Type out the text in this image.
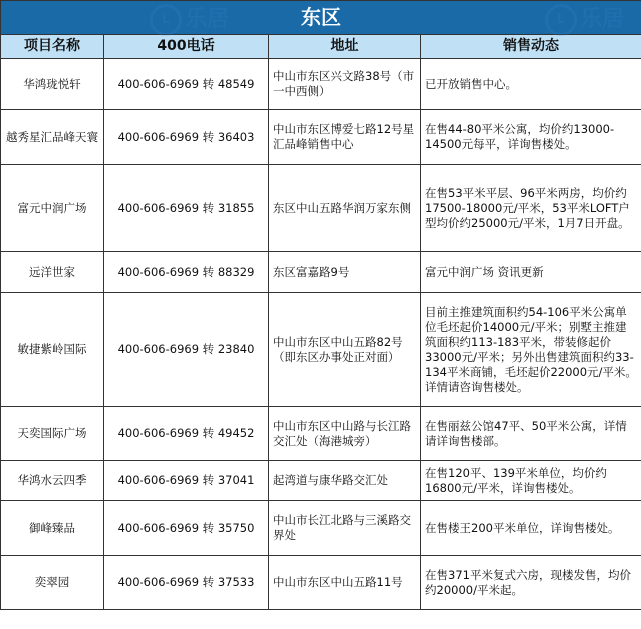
东区			
项目名称	400电话	地址	销售动态
华鸿珑悦轩	400-606-6969 转 48549	中山市东区兴文路38号（市一中西侧）	已开放销售中心。
越秀星汇品峰天寰	400-606-6969 转 36403	中山市东区博爱七路12号星汇品峰销售中心	在售44-80平米公寓，均价约13000-14500元每平，详询售楼处。
富元中润广场	400-606-6969 转 31855	东区中山五路华润万家东侧	在售53平米平层、96平米两房，均价约17500-18000元/平米，53平米LOFT户型均价约25000元/平米，1月7日开盘。
远洋世家	400-606-6969 转 88329	东区富嘉路9号	富元中润广场 资讯更新
敏捷紫岭国际	400-606-6969 转 23840	中山市东区中山五路82号（即东区办事处正对面）	目前主推建筑面积约54-106平米公寓单位毛坯起价14000元/平米；别墅主推建筑面积约113-183平米，带装修起价33000元/平米；另外出售建筑面积约33-134平米商铺，毛坯起价22000元/平米。详情请咨询售楼处。
天奕国际广场	400-606-6969 转 49452	中山市东区中山路与长江路交汇处（海港城旁）	在售丽兹公馆47平、50平米公寓，详情请详询售楼部。
华鸿水云四季	400-606-6969 转 37041	起湾道与康华路交汇处	在售120平、139平米单位，均价约16800元/平米，详询售楼处。
御峰臻品	400-606-6969 转 35750	中山市长江北路与三溪路交界处	在售楼王200平米单位，详询售楼处。
奕翠园	400-606-6969 转 37533	中山市东区中山五路11号	在售371平米复式六房，现楼发售，均价约20000/平米起。
